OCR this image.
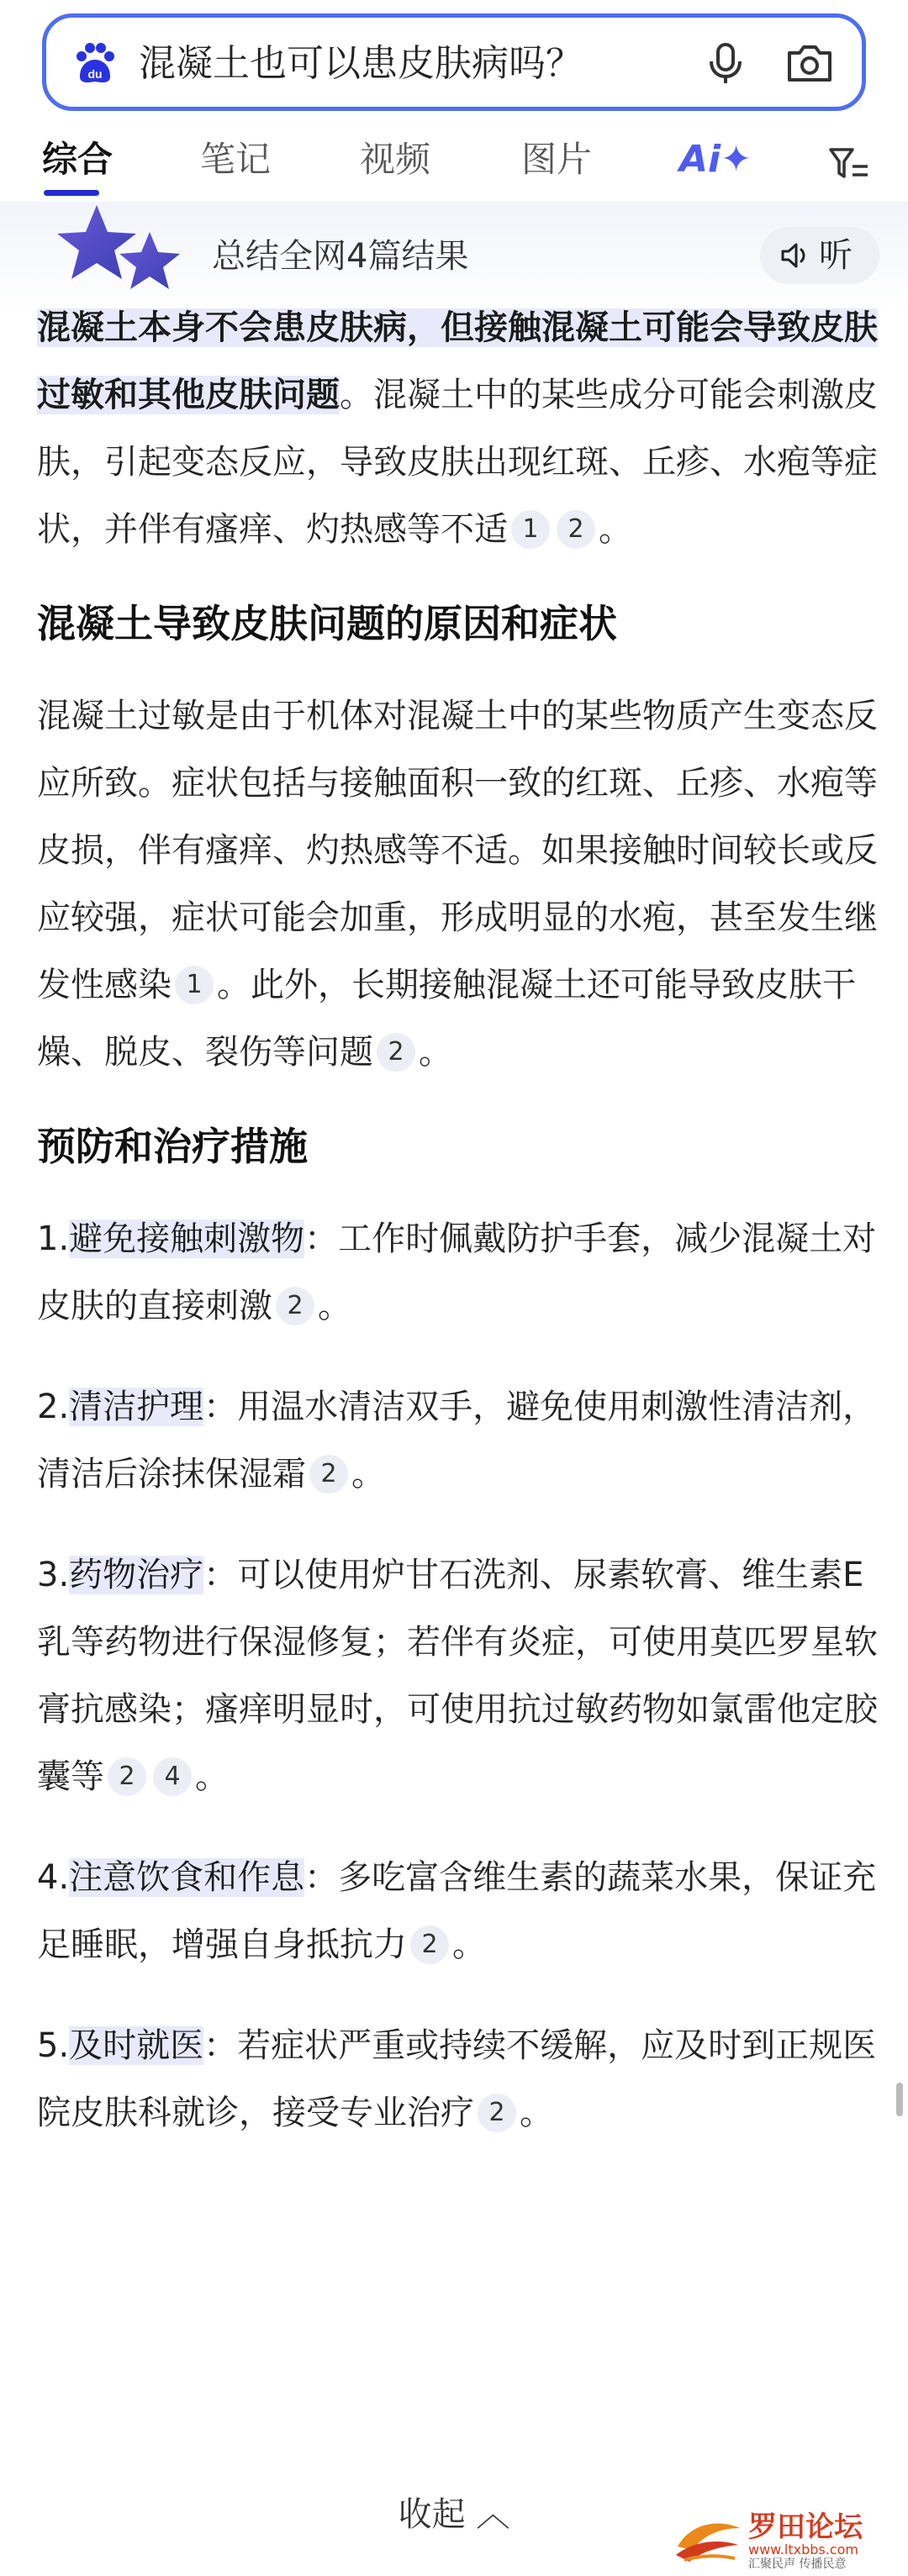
du 混凝土也可以患皮肤病吗？
综合 笔记	视频	图片 Ai✦
总结全网4篇结果	听

混凝土本身不会患皮肤病，但接触混凝土可能会导致皮肤过敏和其他皮肤问题。混凝土中的某些成分可能会刺激皮肤，引起变态反应，导致皮肤出现红斑、丘疹、水疱等症状，并伴有瘙痒、灼热感等不适 1 2 。

混凝土导致皮肤问题的原因和症状

混凝土过敏是由于机体对混凝土中的某些物质产生变态反应所致。症状包括与接触面积一致的红斑、丘疹、水疱等皮损，伴有瘙痒、灼热感等不适。如果接触时间较长或反应较强，症状可能会加重，形成明显的水疱，甚至发生继发性感染 1 。此外，长期接触混凝土还可能导致皮肤干燥、脱皮、裂伤等问题 2 。

预防和治疗措施

1.避免接触刺激物：工作时佩戴防护手套，减少混凝土对皮肤的直接刺激 2 。

2.清洁护理：用温水清洁双手，避免使用刺激性清洁剂，清洁后涂抹保湿霜 2 。

3.药物治疗：可以使用炉甘石洗剂、尿素软膏、维生素E乳等药物进行保湿修复；若伴有炎症，可使用莫匹罗星软膏抗感染；瘙痒明显时，可使用抗过敏药物如氯雷他定胶囊等 2 4 。

4.注意饮食和作息：多吃富含维生素的蔬菜水果，保证充足睡眠，增强自身抵抗力 2 。

5.及时就医：若症状严重或持续不缓解，应及时到正规医院皮肤科就诊，接受专业治疗 2 。

收起 ︿	罗田论坛
www.ltxbbs.com
汇聚民声 传播民意
